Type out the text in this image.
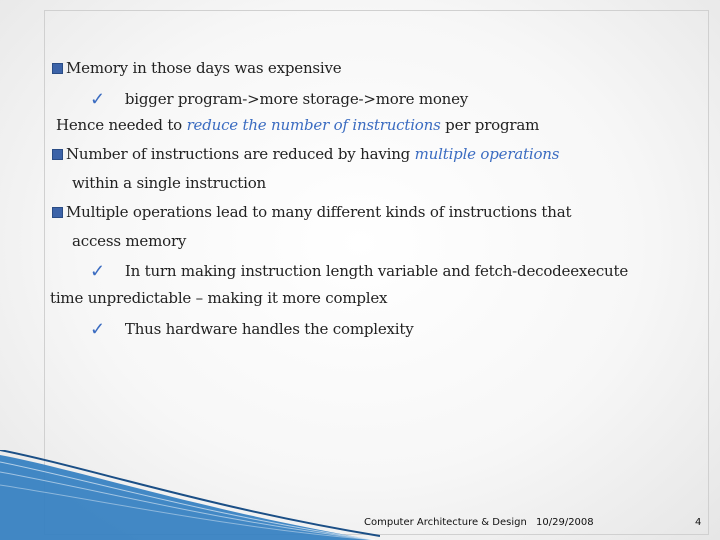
Memory in those days was expensive
✓ bigger program->more storage->more money
Hence needed to reduce the number of instructions per program
Number of instructions are reduced by having multiple operations
within a single instruction
Multiple operations lead to many different kinds of instructions that
access memory
✓ In turn making instruction length variable and fetch-decodeexecute
time unpredictable – making it more complex
✓ Thus hardware handles the complexity
Computer Architecture & Design 10/29/2008	4
